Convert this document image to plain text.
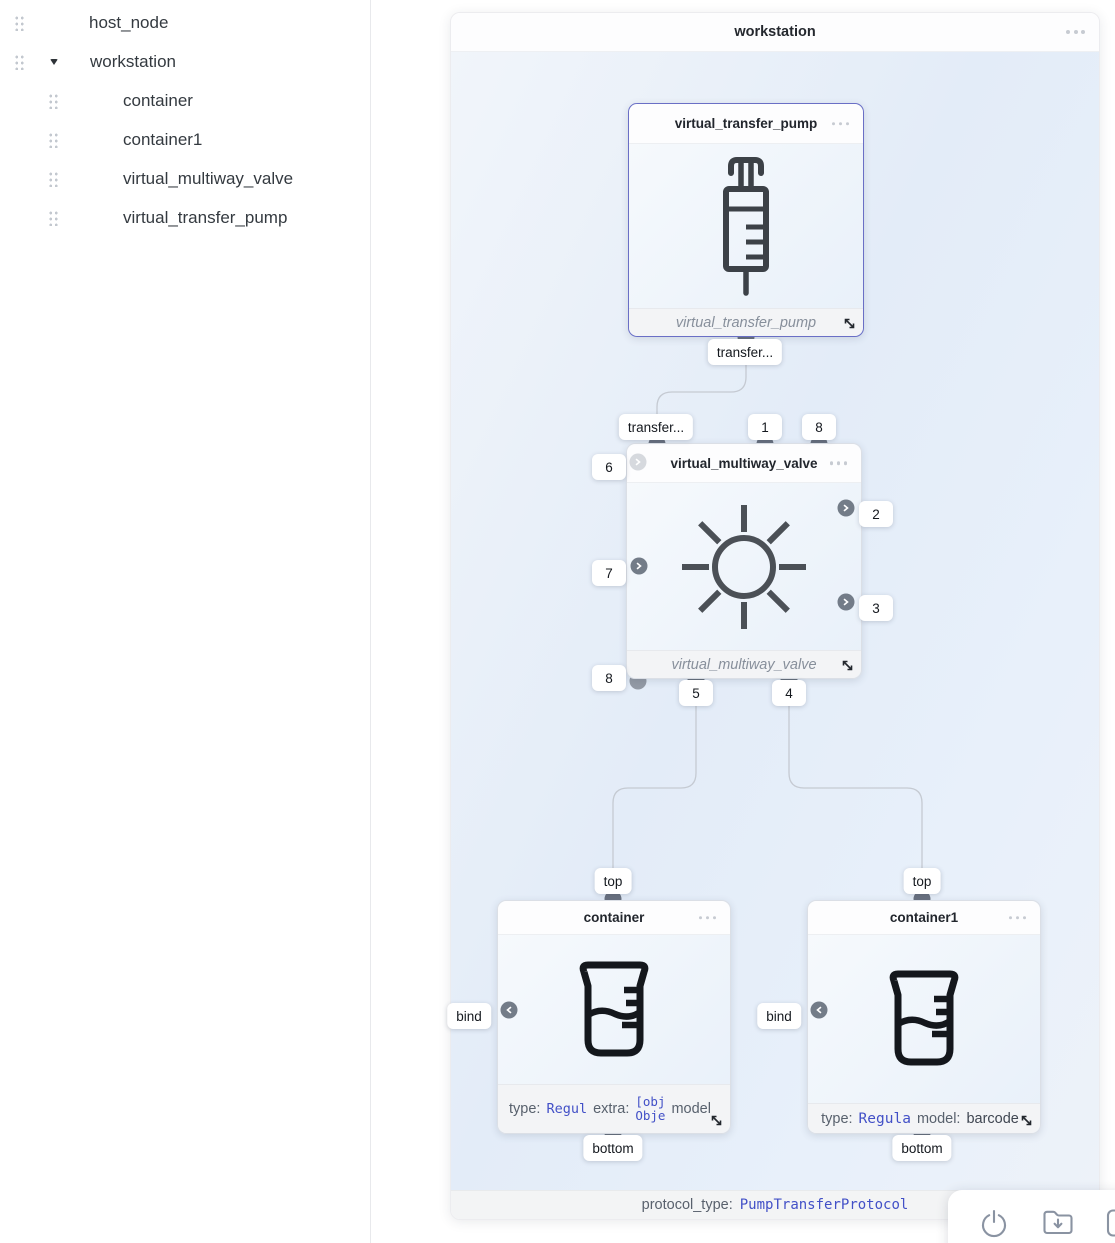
host_node
workstation
container
container1
virtual_multiway_valve
virtual_transfer_pump
workstation
protocol_type: PumpTransferProtocol
virtual_transfer_pump
virtual_transfer_pump
virtual_multiway_valve
virtual_multiway_valve
container
type: Regul extra: [obj
Obje model
container1
type: Regula model: barcode
transfer...
transfer...	1	8
6
7
8
2
3
5	4
top	top
bind	bind
bottom	bottom
